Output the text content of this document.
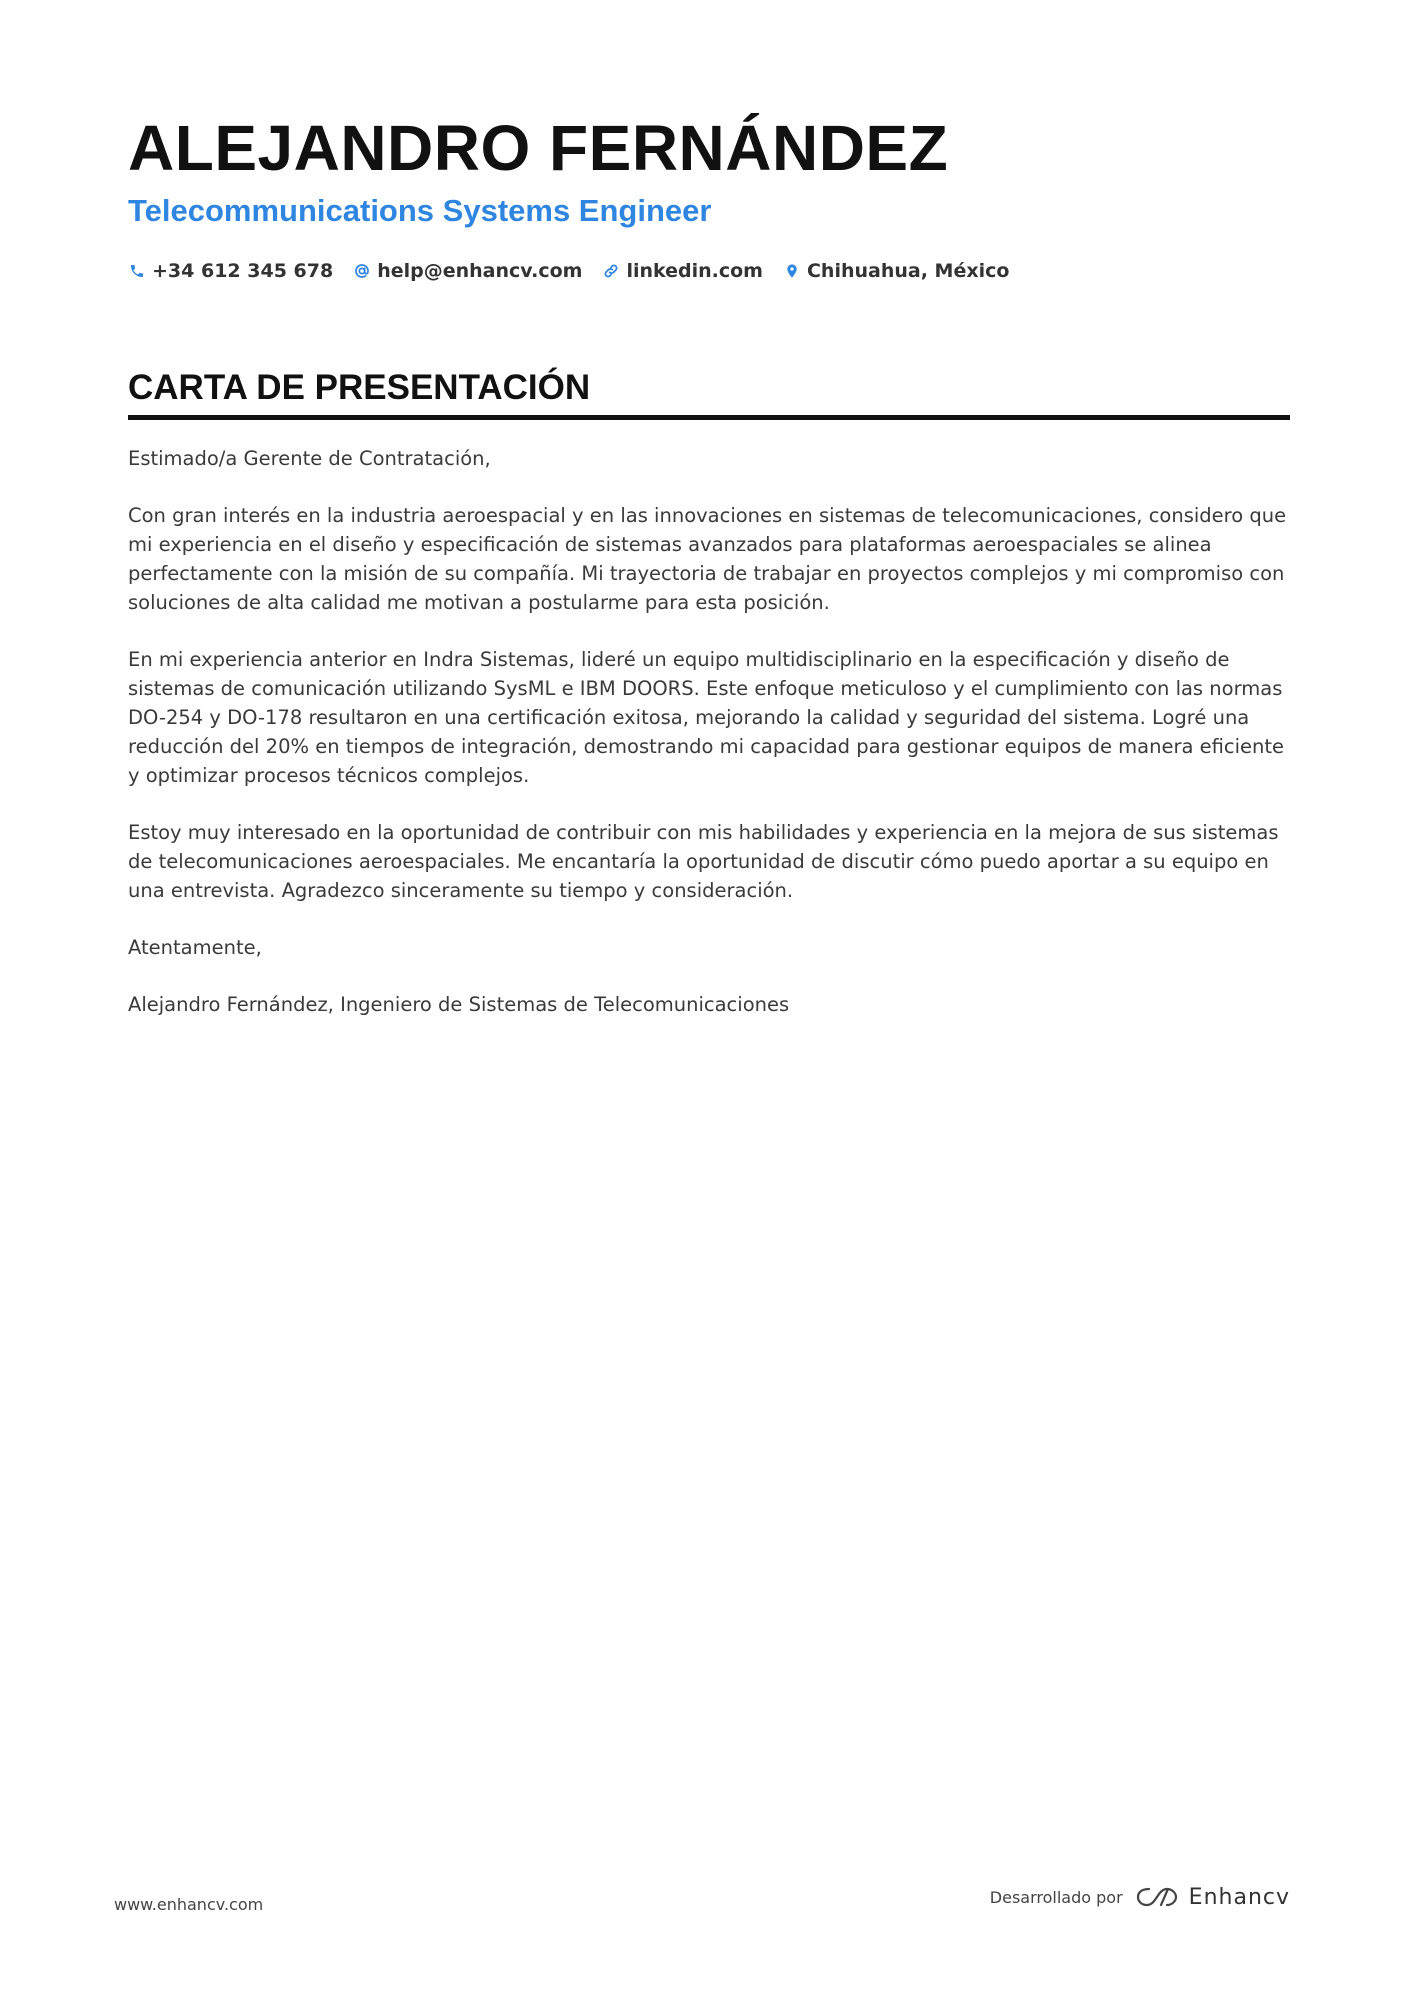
ALEJANDRO FERNÁNDEZ
Telecommunications Systems Engineer
+34 612 345 678 help@enhancv.com linkedin.com Chihuahua, México
CARTA DE PRESENTACIÓN

Estimado/a Gerente de Contratación,

Con gran interés en la industria aeroespacial y en las innovaciones en sistemas de telecomunicaciones, considero que mi experiencia en el diseño y especificación de sistemas avanzados para plataformas aeroespaciales se alinea perfectamente con la misión de su compañía. Mi trayectoria de trabajar en proyectos complejos y mi compromiso con soluciones de alta calidad me motivan a postularme para esta posición.

En mi experiencia anterior en Indra Sistemas, lideré un equipo multidisciplinario en la especificación y diseño de sistemas de comunicación utilizando SysML e IBM DOORS. Este enfoque meticuloso y el cumplimiento con las normas DO-254 y DO-178 resultaron en una certificación exitosa, mejorando la calidad y seguridad del sistema. Logré una reducción del 20% en tiempos de integración, demostrando mi capacidad para gestionar equipos de manera eficiente y optimizar procesos técnicos complejos.

Estoy muy interesado en la oportunidad de contribuir con mis habilidades y experiencia en la mejora de sus sistemas de telecomunicaciones aeroespaciales. Me encantaría la oportunidad de discutir cómo puedo aportar a su equipo en una entrevista. Agradezco sinceramente su tiempo y consideración.

Atentamente,

Alejandro Fernández, Ingeniero de Sistemas de Telecomunicaciones

www.enhancv.com	Desarrollado por	Enhancv
